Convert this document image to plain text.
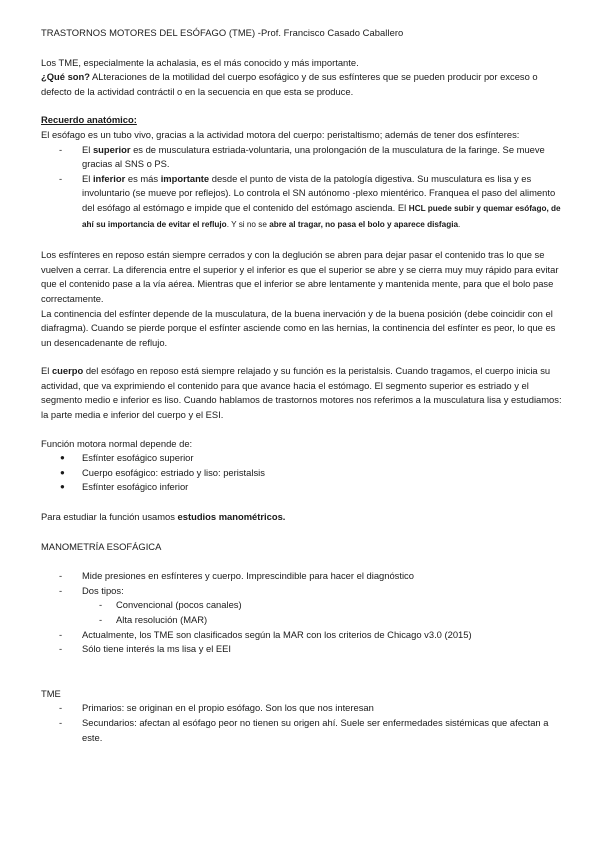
TRASTORNOS MOTORES DEL ESÓFAGO (TME) -Prof. Francisco Casado Caballero

Los TME, especialmente la achalasia, es el más conocido y más importante.

¿Qué son? ALteraciones de la motilidad del cuerpo esofágico y de sus esfínteres que se pueden producir por exceso o defecto de la actividad contráctil o en la secuencia en que esta se produce.

Recuerdo anatómico:

El esófago es un tubo vivo, gracias a la actividad motora del cuerpo: peristaltismo; además de tener dos esfínteres:

- El superior es de musculatura estriada-voluntaria, una prolongación de la musculatura de la faringe. Se mueve gracias al SNS o PS.
- El inferior es más importante desde el punto de vista de la patología digestiva. Su musculatura es lisa y es involuntario (se mueve por reflejos). Lo controla el SN autónomo -plexo mientérico. Franquea el paso del alimento del esófago al estómago e impide que el contenido del estómago ascienda. El HCL puede subir y quemar esófago, de ahí su importancia de evitar el reflujo. Y si no se abre al tragar, no pasa el bolo y aparece disfagia.

Los esfínteres en reposo están siempre cerrados y con la deglución se abren para dejar pasar el contenido tras lo que se vuelven a cerrar. La diferencia entre el superior y el inferior es que el superior se abre y se cierra muy muy rápido para evitar que el contenido pase a la vía aérea. Mientras que el inferior se abre lentamente y mantenida mente, para que el bolo pase correctamente.

La continencia del esfínter depende de la musculatura, de la buena inervación y de la buena posición (debe coincidir con el diafragma). Cuando se pierde porque el esfínter asciende como en las hernias, la continencia del esfínter es peor, lo que es un desencadenante de reflujo.

El cuerpo del esófago en reposo está siempre relajado y su función es la peristalsis. Cuando tragamos, el cuerpo inicia su actividad, que va exprimiendo el contenido para que avance hacia el estómago. El segmento superior es estriado y el segmento medio e inferior es liso. Cuando hablamos de trastornos motores nos referimos a la musculatura lisa y estudiamos: la parte media e inferior del cuerpo y el ESI.

Función motora normal depende de:

● Esfínter esofágico superior
● Cuerpo esofágico: estriado y liso: peristalsis
● Esfínter esofágico inferior

Para estudiar la función usamos estudios manométricos.

MANOMETRÍA ESOFÁGICA

- Mide presiones en esfínteres y cuerpo. Imprescindible para hacer el diagnóstico
- Dos tipos:
- Convencional (pocos canales)
- Alta resolución (MAR)
- Actualmente, los TME son clasificados según la MAR con los criterios de Chicago v3.0 (2015)
- Sólo tiene interés la ms lisa y el EEI

TME

- Primarios: se originan en el propio esófago. Son los que nos interesan
- Secundarios: afectan al esófago peor no tienen su origen ahí. Suele ser enfermedades sistémicas que afectan a este.
